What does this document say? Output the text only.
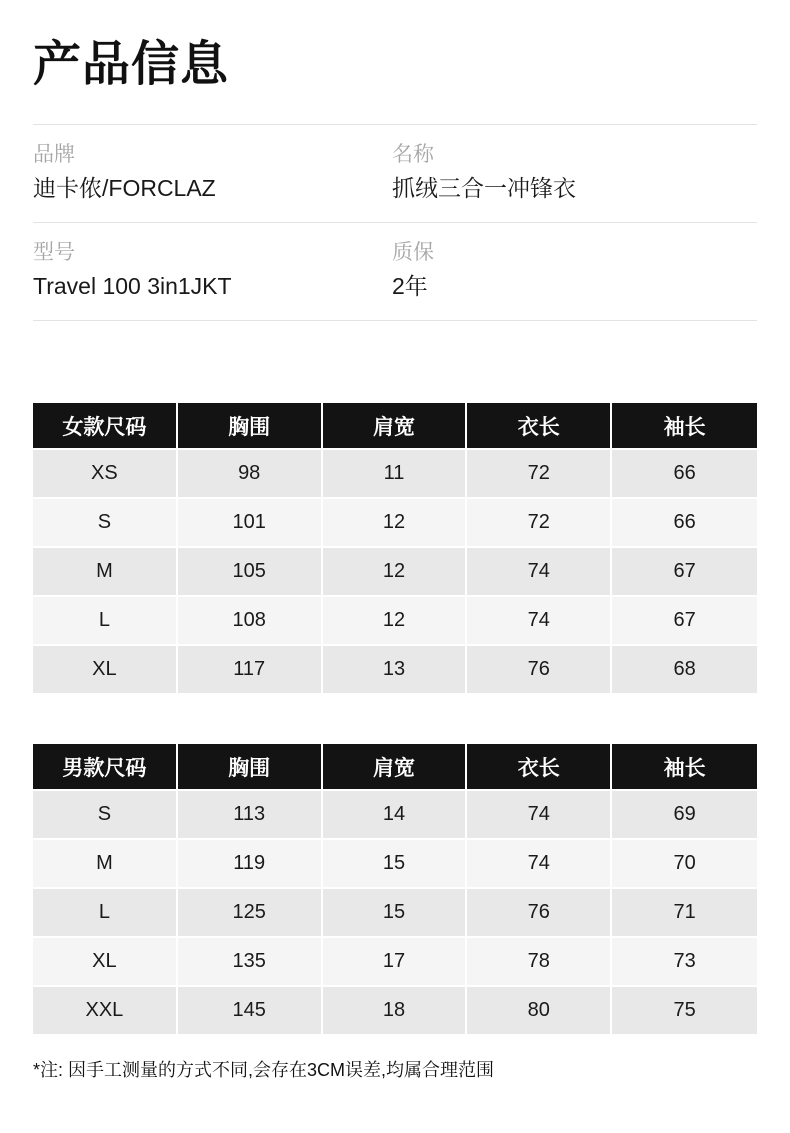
产品信息
品牌
迪卡侬/FORCLAZ
名称
抓绒三合一冲锋衣
型号
Travel 100 3in1JKT
质保
2年
女款尺码	胸围	肩宽	衣长	袖长
XS	98	11	72	66
S	101	12	72	66
M	105	12	74	67
L	108	12	74	67
XL	117	13	76	68
男款尺码	胸围	肩宽	衣长	袖长
S	113	14	74	69
M	119	15	74	70
L	125	15	76	71
XL	135	17	78	73
XXL	145	18	80	75

*注: 因手工测量的方式不同,会存在3CM误差,均属合理范围
